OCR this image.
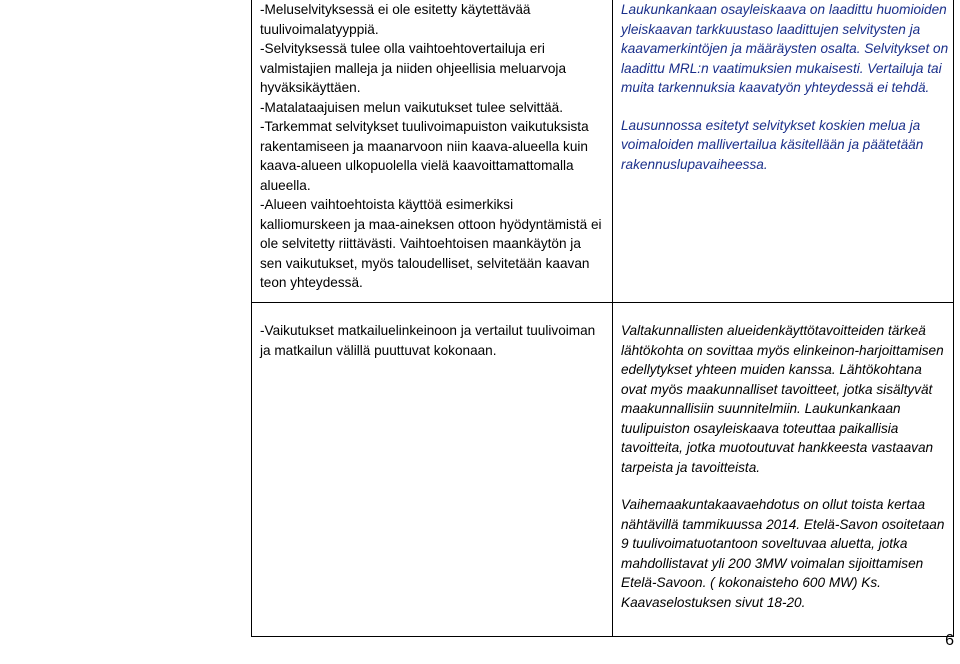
-Meluselvityksessä ei ole esitetty käytettävää tuulivoimalatyyppiä.

-Selvityksessä tulee olla vaihtoehtovertailuja eri valmistajien malleja ja niiden ohjeellisia meluarvoja hyväksikäyttäen.

-Matalataajuisen melun vaikutukset tulee selvittää.

-Tarkemmat selvitykset tuulivoimapuiston vaikutuksista rakentamiseen ja maanarvoon niin kaava-alueella kuin kaava-alueen ulkopuolella vielä kaavoittamattomalla alueella.

-Alueen vaihtoehtoista käyttöä esimerkiksi kalliomurskeen ja maa-aineksen ottoon hyödyntämistä ei ole selvitetty riittävästi. Vaihtoehtoisen maankäytön ja sen vaikutukset, myös taloudelliset, selvitetään kaavan teon yhteydessä.

Laukunkankaan osayleiskaava on laadittu huomioiden yleiskaavan tarkkuustaso laadittujen selvitysten ja kaavamerkintöjen ja määräysten osalta. Selvitykset on laadittu MRL:n vaatimuksien mukaisesti. Vertailuja tai muita tarkennuksia kaavatyön yhteydessä ei tehdä.

Lausunnossa esitetyt selvitykset koskien melua ja voimaloiden mallivertailua käsitellään ja päätetään rakennuslupavaiheessa.

-Vaikutukset matkailuelinkeinoon ja vertailut tuulivoiman ja matkailun välillä puuttuvat kokonaan.

Valtakunnallisten alueidenkäyttötavoitteiden tärkeä lähtökohta on sovittaa myös elinkeinon-harjoittamisen edellytykset yhteen muiden kanssa. Lähtökohtana ovat myös maakunnalliset tavoitteet, jotka sisältyvät maakunnallisiin suunnitelmiin. Laukunkankaan tuulipuiston osayleiskaava toteuttaa paikallisia tavoitteita, jotka muotoutuvat hankkeesta vastaavan tarpeista ja tavoitteista.

Vaihemaakuntakaavaehdotus on ollut toista kertaa nähtävillä tammikuussa 2014. Etelä-Savon osoitetaan 9 tuulivoimatuotantoon soveltuvaa aluetta, jotka mahdollistavat yli 200 3MW voimalan sijoittamisen Etelä-Savoon. ( kokonaisteho 600 MW) Ks. Kaavaselostuksen sivut 18-20.

6
